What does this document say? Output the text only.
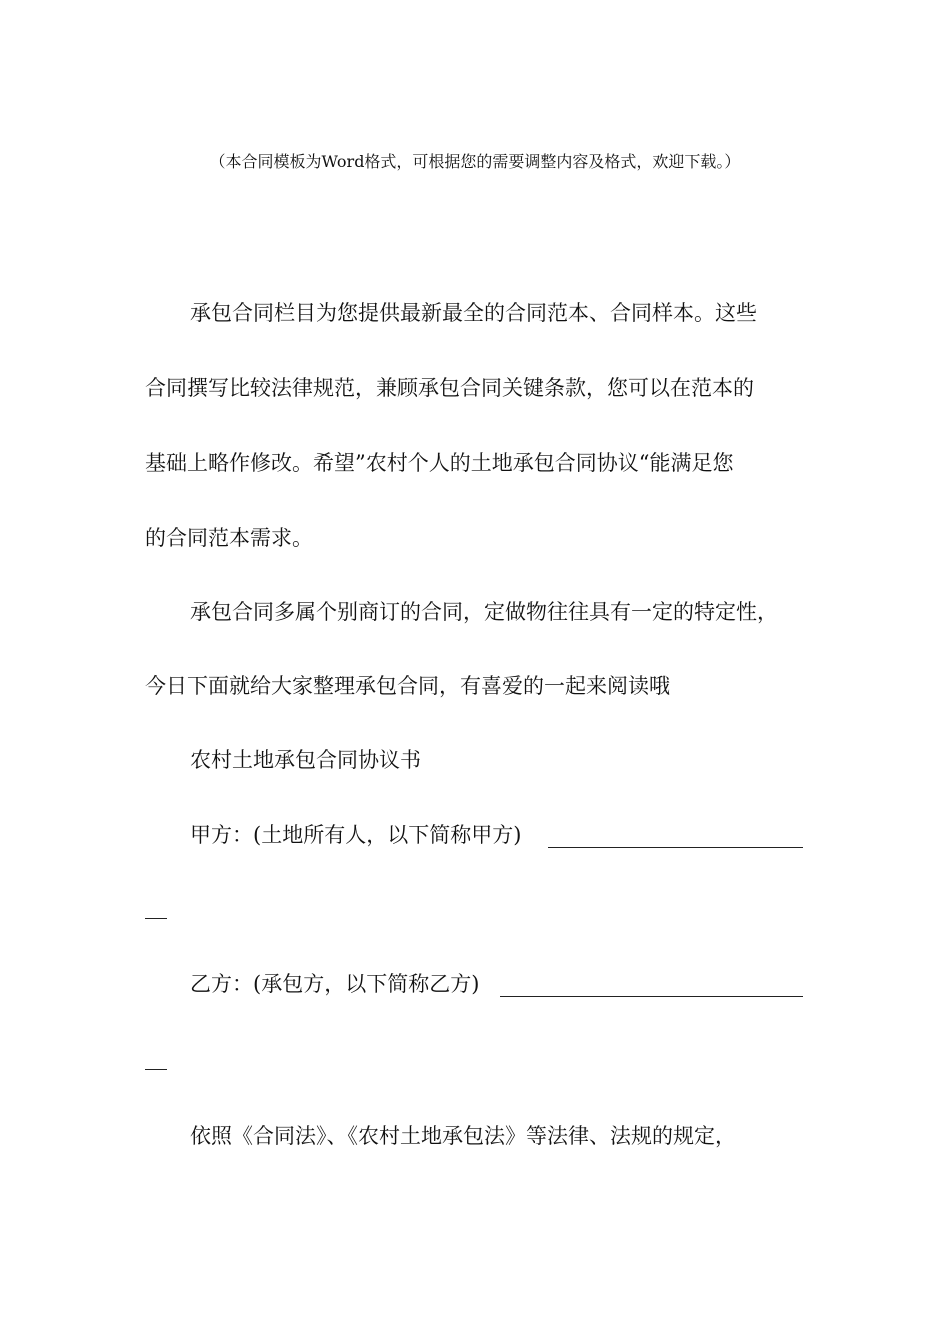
（本合同模板为Word格式，可根据您的需要调整内容及格式，欢迎下载。）
承包合同栏目为您提供最新最全的合同范本、合同样本。这些
合同撰写比较法律规范，兼顾承包合同关键条款，您可以在范本的
基础上略作修改。希望”农村个人的土地承包合同协议“能满足您
的合同范本需求。
承包合同多属个别商订的合同，定做物往往具有一定的特定性，
今日下面就给大家整理承包合同，有喜爱的一起来阅读哦
农村土地承包合同协议书
甲方：(土地所有人，以下简称甲方)
乙方：(承包方，以下简称乙方)
依照《合同法》、《农村土地承包法》等法律、法规的规定，
